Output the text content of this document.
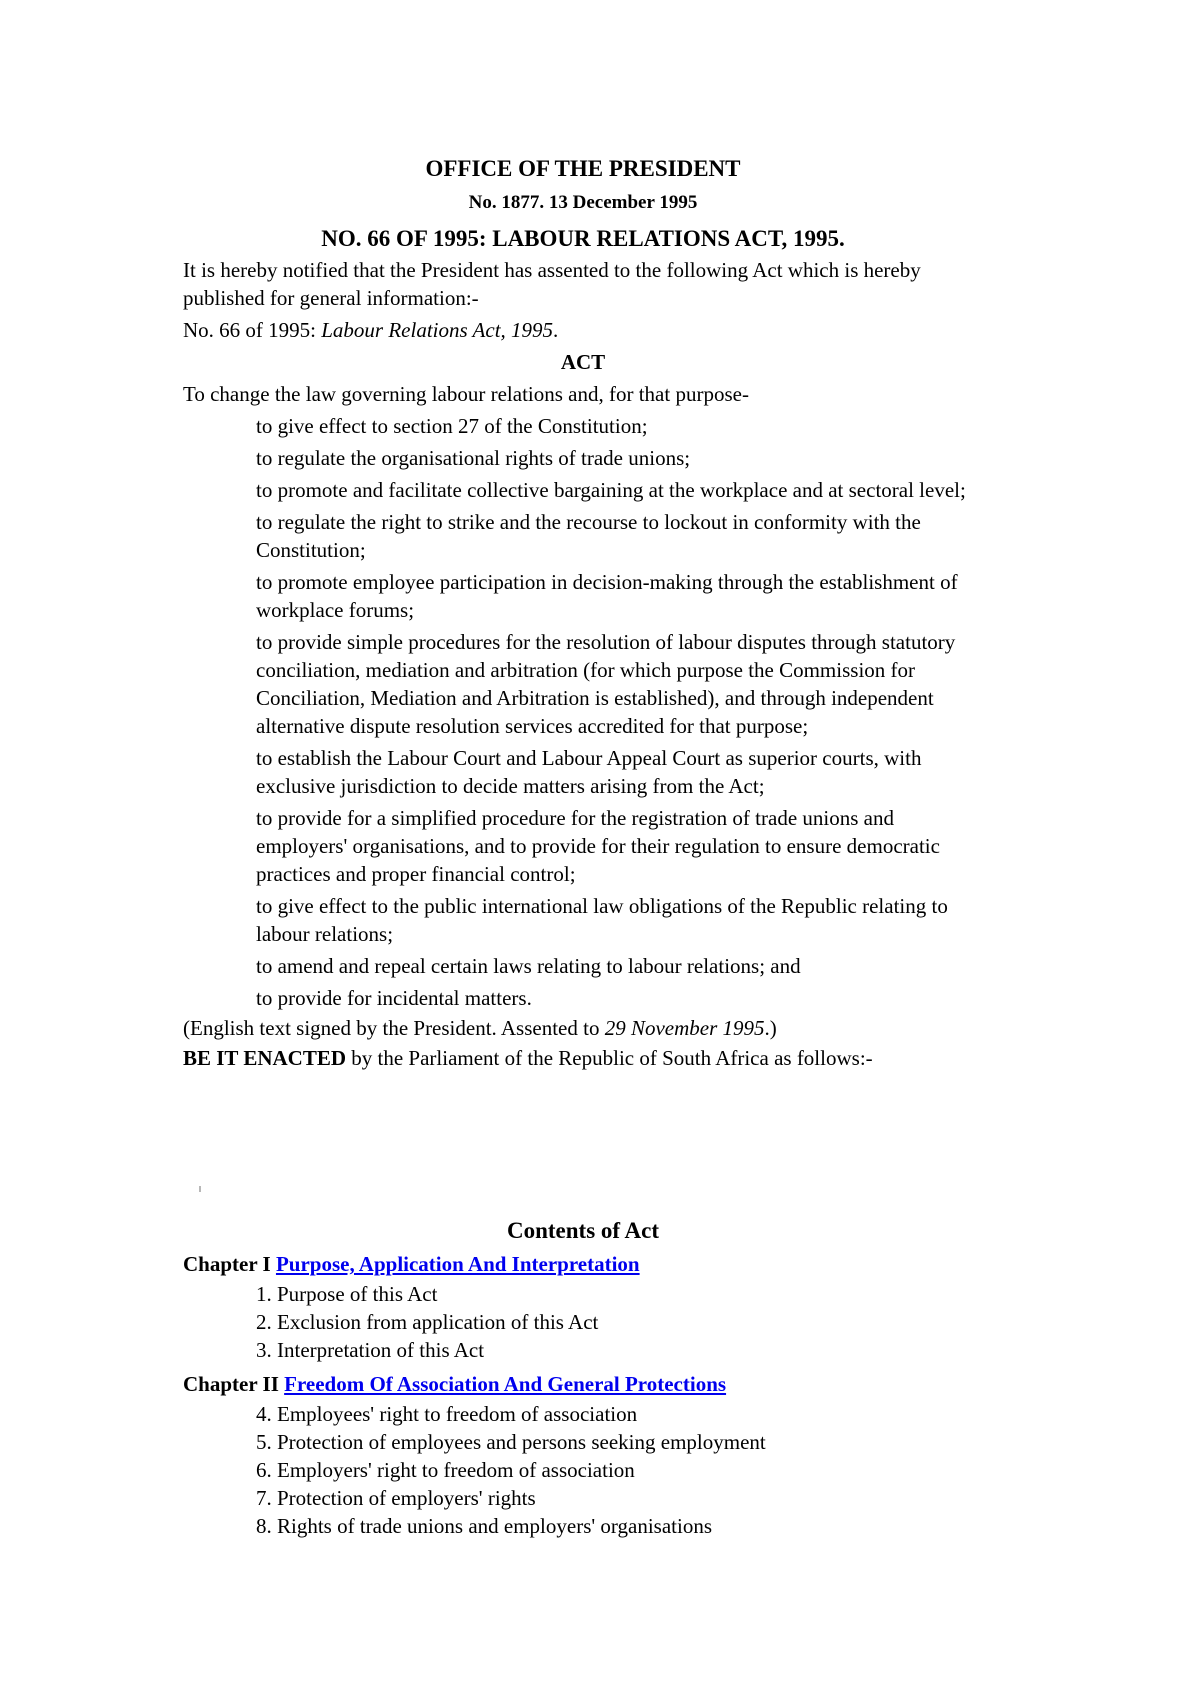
OFFICE OF THE PRESIDENT

No. 1877. 13 December 1995

NO. 66 OF 1995: LABOUR RELATIONS ACT, 1995.

It is hereby notified that the President has assented to the following Act which is hereby published for general information:-

No. 66 of 1995: Labour Relations Act, 1995.

ACT

To change the law governing labour relations and, for that purpose-

to give effect to section 27 of the Constitution;
to regulate the organisational rights of trade unions;
to promote and facilitate collective bargaining at the workplace and at sectoral level;
to regulate the right to strike and the recourse to lockout in conformity with the Constitution;
to promote employee participation in decision-making through the establishment of workplace forums;
to provide simple procedures for the resolution of labour disputes through statutory conciliation, mediation and arbitration (for which purpose the Commission for Conciliation, Mediation and Arbitration is established), and through independent alternative dispute resolution services accredited for that purpose;
to establish the Labour Court and Labour Appeal Court as superior courts, with exclusive jurisdiction to decide matters arising from the Act;
to provide for a simplified procedure for the registration of trade unions and employers' organisations, and to provide for their regulation to ensure democratic practices and proper financial control;
to give effect to the public international law obligations of the Republic relating to labour relations;
to amend and repeal certain laws relating to labour relations; and
to provide for incidental matters.

(English text signed by the President. Assented to 29 November 1995.)

BE IT ENACTED by the Parliament of the Republic of South Africa as follows:-

Contents of Act

Chapter I Purpose, Application And Interpretation

1. Purpose of this Act
2. Exclusion from application of this Act
3. Interpretation of this Act

Chapter II Freedom Of Association And General Protections

4. Employees' right to freedom of association
5. Protection of employees and persons seeking employment
6. Employers' right to freedom of association
7. Protection of employers' rights
8. Rights of trade unions and employers' organisations
